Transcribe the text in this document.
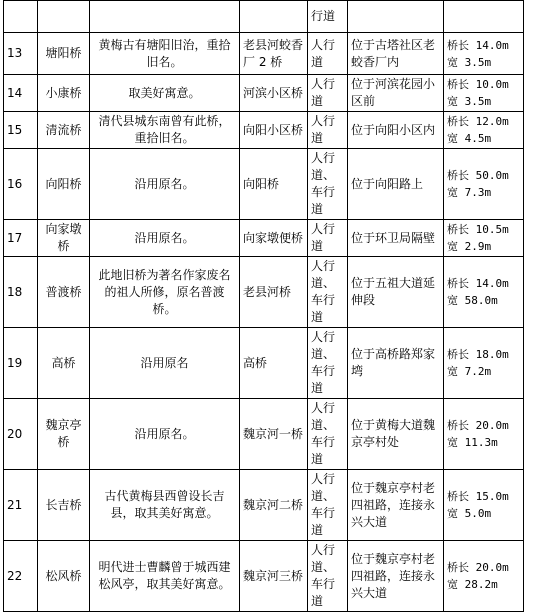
				行道		
13	塘阳桥	黄梅古有塘阳旧治，重拾旧名。	老县河蛟香厂 2 桥	人行道	位于古塔社区老蛟香厂内	桥长 14.0m
宽 3.5m

14	小康桥	取美好寓意。	河滨小区桥	人行道	位于河滨花园小区前	桥长 10.0m
宽 3.5m

15	清流桥	清代县城东南曾有此桥，重拾旧名。	向阳小区桥	人行道	位于向阳小区内	桥长 12.0m
宽 4.5m

16	向阳桥	沿用原名。	向阳桥	人行道、车行道	位于向阳路上	桥长 50.0m
宽 7.3m

17	向家墩桥	沿用原名。	向家墩便桥	人行道	位于环卫局隔壁	桥长 10.5m
宽 2.9m

18	普渡桥	此地旧桥为著名作家废名的祖人所修，原名普渡桥。	老县河桥	人行道、车行道	位于五祖大道延伸段	桥长 14.0m
宽 58.0m

19	高桥	沿用原名	高桥	人行道、车行道	位于高桥路郑家塆	桥长 18.0m
宽 7.2m

20	魏京亭桥	沿用原名。	魏京河一桥	人行道、车行道	位于黄梅大道魏京亭村处	桥长 20.0m
宽 11.3m

21	长吉桥	古代黄梅县西曾设长吉县，取其美好寓意。	魏京河二桥	人行道、车行道	位于魏京亭村老四祖路，连接永兴大道	桥长 15.0m
宽 5.0m

22	松风桥	明代进士曹麟曾于城西建松风亭，取其美好寓意。	魏京河三桥	人行道、车行道	位于魏京亭村老四祖路，连接永兴大道	桥长 20.0m
宽 28.2m
